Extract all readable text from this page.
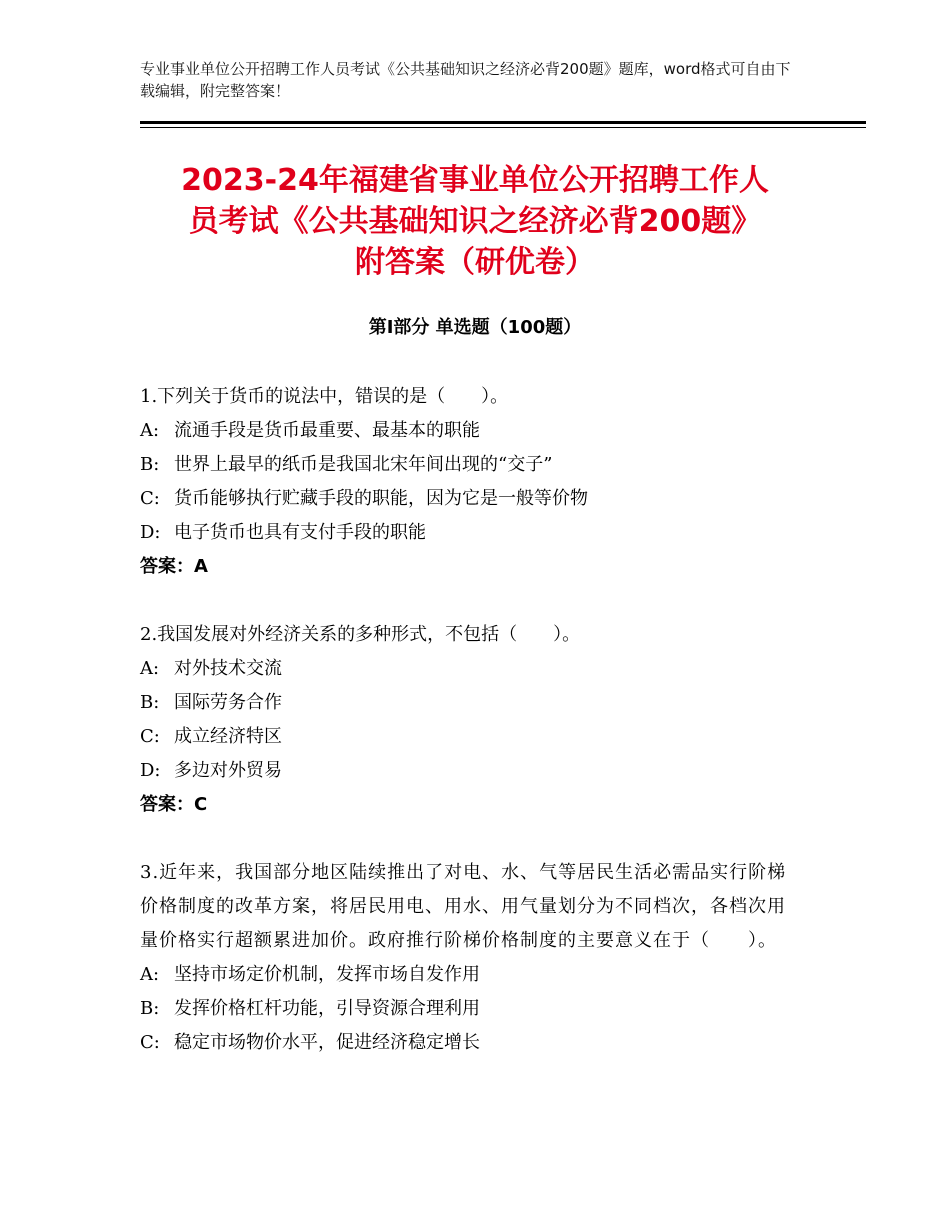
专业事业单位公开招聘工作人员考试《公共基础知识之经济必背200题》题库，word格式可自由下载编辑，附完整答案！
2023-24年福建省事业单位公开招聘工作人
员考试《公共基础知识之经济必背200题》
附答案（研优卷）
第Ⅰ部分 单选题（100题）
1.下列关于货币的说法中，错误的是（　　）。
A: 流通手段是货币最重要、最基本的职能
B: 世界上最早的纸币是我国北宋年间出现的“交子”
C: 货币能够执行贮藏手段的职能，因为它是一般等价物
D: 电子货币也具有支付手段的职能
答案：A
2.我国发展对外经济关系的多种形式，不包括（　　）。
A: 对外技术交流
B: 国际劳务合作
C: 成立经济特区
D: 多边对外贸易
答案：C
3.近年来，我国部分地区陆续推出了对电、水、气等居民生活必需品实行阶梯价格制度的改革方案，将居民用电、用水、用气量划分为不同档次，各档次用量价格实行超额累进加价。政府推行阶梯价格制度的主要意义在于（　　）。
A: 坚持市场定价机制，发挥市场自发作用
B: 发挥价格杠杆功能，引导资源合理利用
C: 稳定市场物价水平，促进经济稳定增长
